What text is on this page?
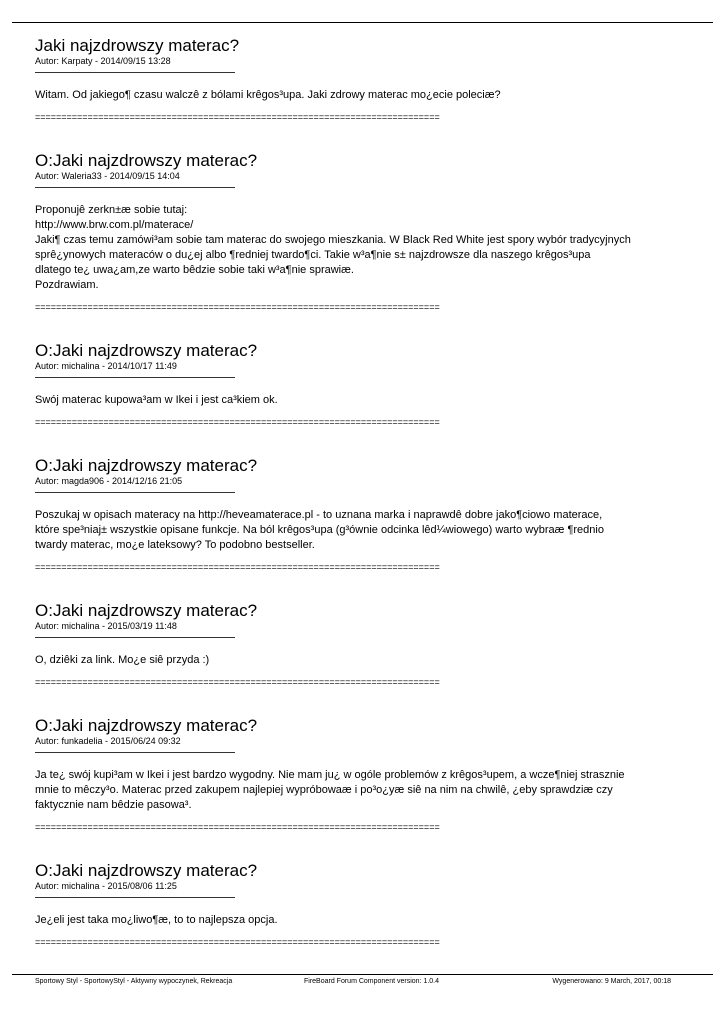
Jaki najzdrowszy materac?
Autor: Karpaty - 2014/09/15 13:28
Witam. Od jakiego¶ czasu walczê z bólami krêgos³upa. Jaki zdrowy materac mo¿ecie poleciæ?
=============================================================================
O:Jaki najzdrowszy materac?
Autor: Waleria33 - 2014/09/15 14:04
Proponujê zerkn±æ sobie tutaj:
http://www.brw.com.pl/materace/
Jaki¶ czas temu zamówi³am sobie tam materac do swojego mieszkania. W Black Red White jest spory wybór tradycyjnych
sprê¿ynowych materaców o du¿ej albo ¶redniej twardo¶ci. Takie w³a¶nie s± najzdrowsze dla naszego krêgos³upa
dlatego te¿ uwa¿am,ze warto bêdzie sobie taki w³a¶nie sprawiæ.
Pozdrawiam.
=============================================================================
O:Jaki najzdrowszy materac?
Autor: michalina - 2014/10/17 11:49
Swój materac kupowa³am w Ikei i jest ca³kiem ok.
=============================================================================
O:Jaki najzdrowszy materac?
Autor: magda906 - 2014/12/16 21:05
Poszukaj w opisach materacy na http://heveamaterace.pl - to uznana marka i naprawdê dobre jako¶ciowo materace,
które spe³niaj± wszystkie opisane funkcje. Na ból krêgos³upa (g³ównie odcinka lêd¼wiowego) warto wybraæ ¶rednio
twardy materac, mo¿e lateksowy? To podobno bestseller.
=============================================================================
O:Jaki najzdrowszy materac?
Autor: michalina - 2015/03/19 11:48
O, dziêki za link. Mo¿e siê przyda :)
=============================================================================
O:Jaki najzdrowszy materac?
Autor: funkadelia - 2015/06/24 09:32
Ja te¿ swój kupi³am w Ikei i jest bardzo wygodny. Nie mam ju¿ w ogóle problemów z krêgos³upem, a wcze¶niej strasznie
mnie to mêczy³o. Materac przed zakupem najlepiej wypróbowaæ i po³o¿yæ siê na nim na chwilê, ¿eby sprawdziæ czy
faktycznie nam bêdzie pasowa³.
=============================================================================
O:Jaki najzdrowszy materac?
Autor: michalina - 2015/08/06 11:25
Je¿eli jest taka mo¿liwo¶æ, to to najlepsza opcja.
=============================================================================
Sportowy Styl - SportowyStyl - Aktywny wypoczynek, Rekreacja	FireBoard Forum Component version: 1.0.4	Wygenerowano: 9 March, 2017, 00:18
